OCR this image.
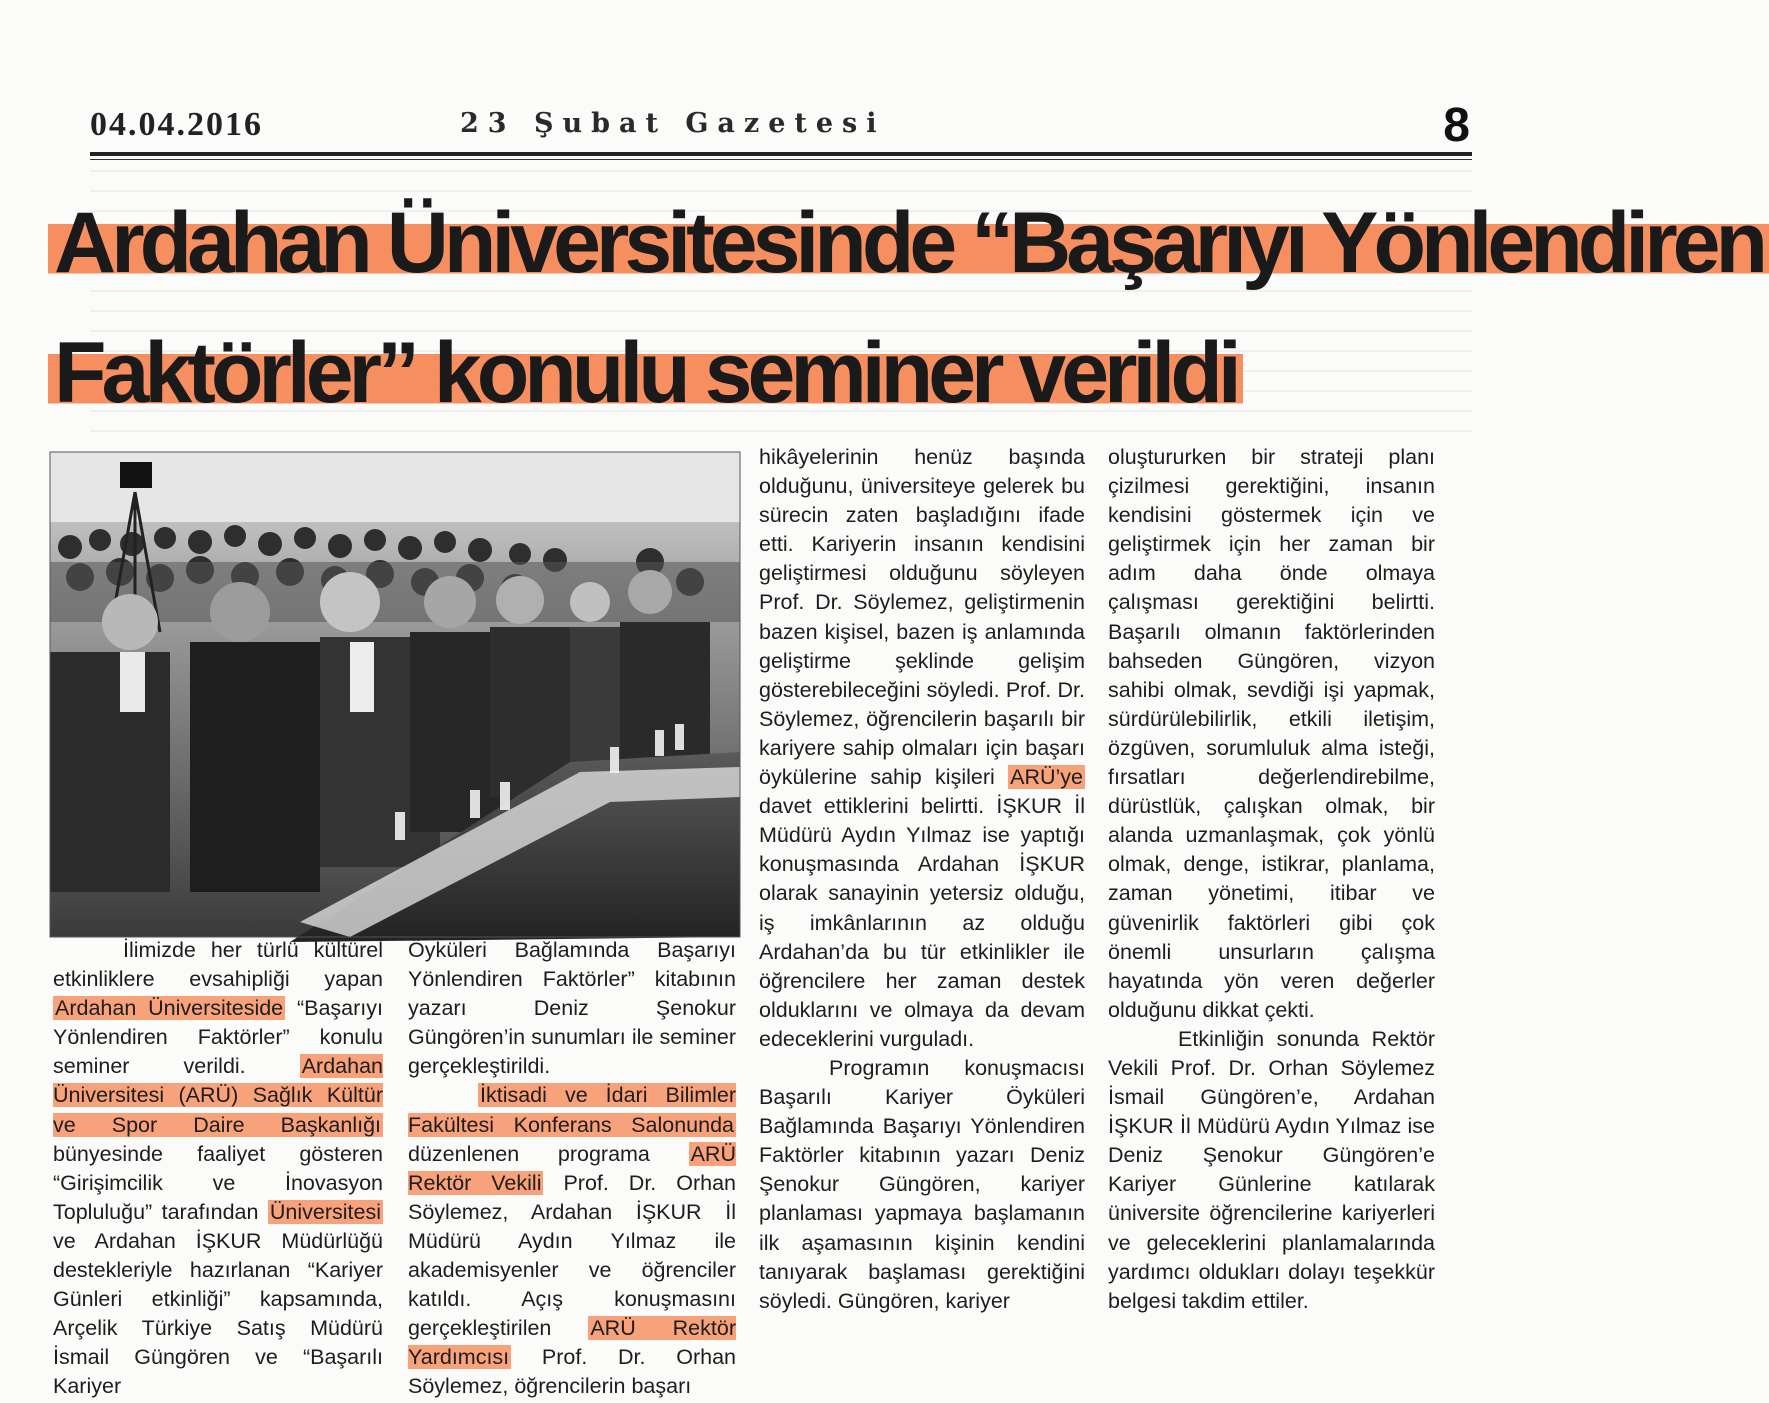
04.04.2016	23 Şubat Gazetesi	8
Ardahan Üniversitesinde “Başarıyı Yönlendiren
Faktörler” konulu seminer verildi

İlimizde her türlü kültürel etkinliklere evsahipliği yapan Ardahan Üniversiteside “Başarıyı Yönlendiren Faktörler” konulu seminer verildi. Ardahan Üniversitesi (ARÜ) Sağlık Kültür ve Spor Daire Başkanlığı bünyesinde faaliyet gösteren “Girişimcilik ve İnovasyon Topluluğu” tarafından Üniversitesi ve Ardahan İŞKUR Müdürlüğü destekleriyle hazırlanan “Kariyer Günleri etkinliği” kapsamında, Arçelik Türkiye Satış Müdürü İsmail Güngören ve “Başarılı Kariyer

Öyküleri Bağlamında Başarıyı Yönlendiren Faktörler” kitabının yazarı Deniz Şenokur Güngören’in sunumları ile seminer gerçekleştirildi.

İktisadi ve İdari Bilimler Fakültesi Konferans Salonunda düzenlenen programa ARÜ Rektör Vekili Prof. Dr. Orhan Söylemez, Ardahan İŞKUR İl Müdürü Aydın Yılmaz ile akademisyenler ve öğrenciler katıldı. Açış konuşmasını gerçekleştirilen ARÜ Rektör Yardımcısı Prof. Dr. Orhan Söylemez, öğrencilerin başarı

hikâyelerinin henüz başında olduğunu, üniversiteye gelerek bu sürecin zaten başladığını ifade etti. Kariyerin insanın kendisini geliştirmesi olduğunu söyleyen Prof. Dr. Söylemez, geliştirmenin bazen kişisel, bazen iş anlamında geliştirme şeklinde gelişim gösterebileceğini söyledi. Prof. Dr. Söylemez, öğrencilerin başarılı bir kariyere sahip olmaları için başarı öykülerine sahip kişileri ARÜ’ye davet ettiklerini belirtti. İŞKUR İl Müdürü Aydın Yılmaz ise yaptığı konuşmasında Ardahan İŞKUR olarak sanayinin yetersiz olduğu, iş imkânlarının az olduğu Ardahan’da bu tür etkinlikler ile öğrencilere her zaman destek olduklarını ve olmaya da devam edeceklerini vurguladı.

Programın konuşmacısı Başarılı Kariyer Öyküleri Bağlamında Başarıyı Yönlendiren Faktörler kitabının yazarı Deniz Şenokur Güngören, kariyer planlaması yapmaya başlamanın ilk aşamasının kişinin kendini tanıyarak başlaması gerektiğini söyledi. Güngören, kariyer

oluştururken bir strateji planı çizilmesi gerektiğini, insanın kendisini göstermek için ve geliştirmek için her zaman bir adım daha önde olmaya çalışması gerektiğini belirtti. Başarılı olmanın faktörlerinden bahseden Güngören, vizyon sahibi olmak, sevdiği işi yapmak, sürdürülebilirlik, etkili iletişim, özgüven, sorumluluk alma isteği, fırsatları değerlendirebilme, dürüstlük, çalışkan olmak, bir alanda uzmanlaşmak, çok yönlü olmak, denge, istikrar, planlama, zaman yönetimi, itibar ve güvenirlik faktörleri gibi çok önemli unsurların çalışma hayatında yön veren değerler olduğunu dikkat çekti.

Etkinliğin sonunda Rektör Vekili Prof. Dr. Orhan Söylemez İsmail Güngören’e, Ardahan İŞKUR İl Müdürü Aydın Yılmaz ise Deniz Şenokur Güngören’e Kariyer Günlerine katılarak üniversite öğrencilerine kariyerleri ve geleceklerini planlamalarında yardımcı oldukları dolayı teşekkür belgesi takdim ettiler.
